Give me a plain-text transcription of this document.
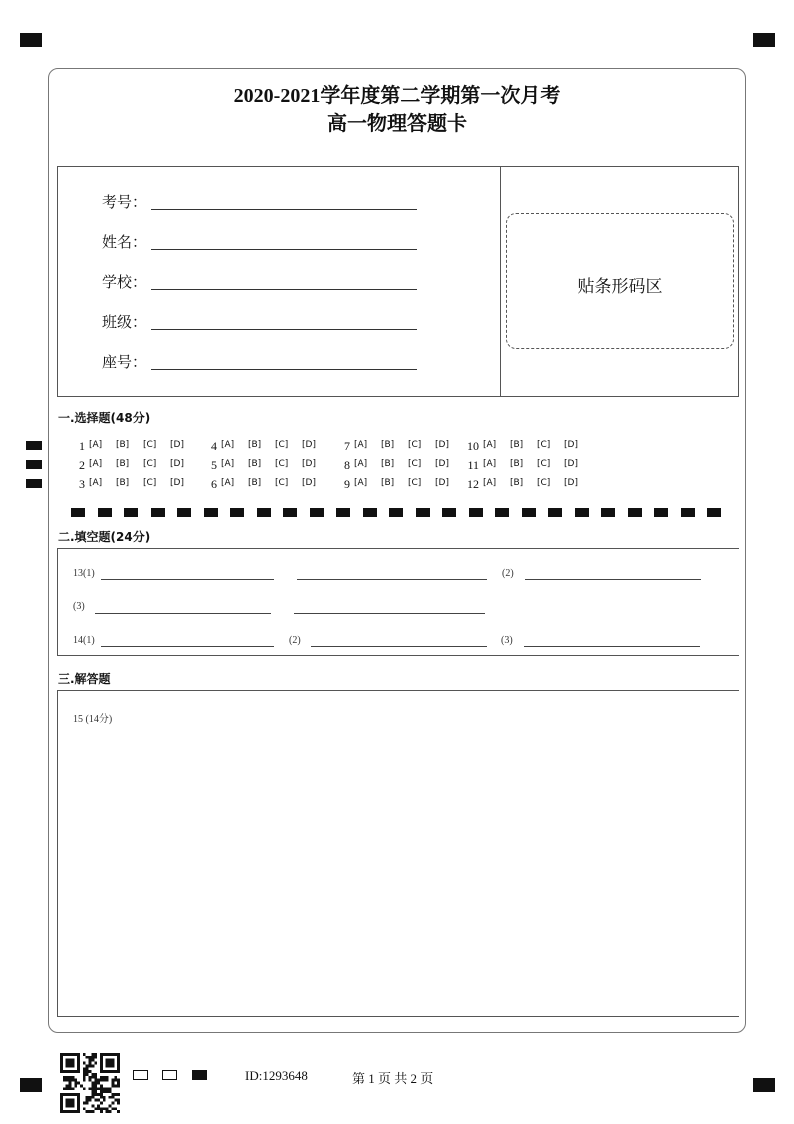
2020-2021学年度第二学期第一次月考
高一物理答题卡
考号：
姓名：
学校：
班级：
座号：
贴条形码区
一.选择题(48分)
1 [A] [B] [C] [D]
2 [A] [B] [C] [D]
3 [A] [B] [C] [D]
4 [A] [B] [C] [D]
5 [A] [B] [C] [D]
6 [A] [B] [C] [D]
7 [A] [B] [C] [D]
8 [A] [B] [C] [D]
9 [A] [B] [C] [D]
10 [A] [B] [C] [D]
11 [A] [B] [C] [D]
12 [A] [B] [C] [D]
二.填空题(24分)
13(1)	(2)
(3)
14(1)	(2)	(3)
三.解答题
15 (14分)
ID:1293648	第 1 页 共 2 页
